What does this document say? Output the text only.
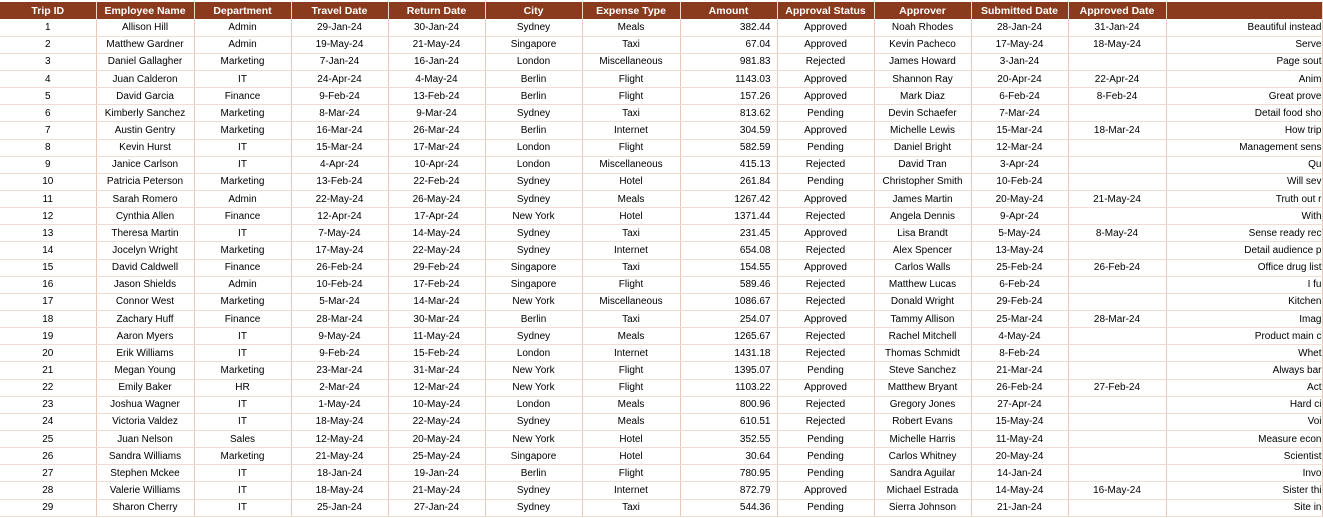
Trip ID	Employee Name	Department	Travel Date	Return Date	City	Expense Type	Amount	Approval Status	Approver	Submitted Date	Approved Date	
1	Allison Hill	Admin	29-Jan-24	30-Jan-24	Sydney	Meals	382.44	Approved	Noah Rhodes	28-Jan-24	31-Jan-24	Beautiful instead
2	Matthew Gardner	Admin	19-May-24	21-May-24	Singapore	Taxi	67.04	Approved	Kevin Pacheco	17-May-24	18-May-24	Serve
3	Daniel Gallagher	Marketing	7-Jan-24	16-Jan-24	London	Miscellaneous	981.83	Rejected	James Howard	3-Jan-24		Page sout
4	Juan Calderon	IT	24-Apr-24	4-May-24	Berlin	Flight	1143.03	Approved	Shannon Ray	20-Apr-24	22-Apr-24	Anim
5	David Garcia	Finance	9-Feb-24	13-Feb-24	Berlin	Flight	157.26	Approved	Mark Diaz	6-Feb-24	8-Feb-24	Great prove
6	Kimberly Sanchez	Marketing	8-Mar-24	9-Mar-24	Sydney	Taxi	813.62	Pending	Devin Schaefer	7-Mar-24		Detail food sho
7	Austin Gentry	Marketing	16-Mar-24	26-Mar-24	Berlin	Internet	304.59	Approved	Michelle Lewis	15-Mar-24	18-Mar-24	How trip
8	Kevin Hurst	IT	15-Mar-24	17-Mar-24	London	Flight	582.59	Pending	Daniel Bright	12-Mar-24		Management sens
9	Janice Carlson	IT	4-Apr-24	10-Apr-24	London	Miscellaneous	415.13	Rejected	David Tran	3-Apr-24		Qu
10	Patricia Peterson	Marketing	13-Feb-24	22-Feb-24	Sydney	Hotel	261.84	Pending	Christopher Smith	10-Feb-24		Will sev
11	Sarah Romero	Admin	22-May-24	26-May-24	Sydney	Meals	1267.42	Approved	James Martin	20-May-24	21-May-24	Truth out r
12	Cynthia Allen	Finance	12-Apr-24	17-Apr-24	New York	Hotel	1371.44	Rejected	Angela Dennis	9-Apr-24		With
13	Theresa Martin	IT	7-May-24	14-May-24	Sydney	Taxi	231.45	Approved	Lisa Brandt	5-May-24	8-May-24	Sense ready rec
14	Jocelyn Wright	Marketing	17-May-24	22-May-24	Sydney	Internet	654.08	Rejected	Alex Spencer	13-May-24		Detail audience p
15	David Caldwell	Finance	26-Feb-24	29-Feb-24	Singapore	Taxi	154.55	Approved	Carlos Walls	25-Feb-24	26-Feb-24	Office drug list
16	Jason Shields	Admin	10-Feb-24	17-Feb-24	Singapore	Flight	589.46	Rejected	Matthew Lucas	6-Feb-24		I fu
17	Connor West	Marketing	5-Mar-24	14-Mar-24	New York	Miscellaneous	1086.67	Rejected	Donald Wright	29-Feb-24		Kitchen
18	Zachary Huff	Finance	28-Mar-24	30-Mar-24	Berlin	Taxi	254.07	Approved	Tammy Allison	25-Mar-24	28-Mar-24	Imag
19	Aaron Myers	IT	9-May-24	11-May-24	Sydney	Meals	1265.67	Rejected	Rachel Mitchell	4-May-24		Product main c
20	Erik Williams	IT	9-Feb-24	15-Feb-24	London	Internet	1431.18	Rejected	Thomas Schmidt	8-Feb-24		Whet
21	Megan Young	Marketing	23-Mar-24	31-Mar-24	New York	Flight	1395.07	Pending	Steve Sanchez	21-Mar-24		Always bar
22	Emily Baker	HR	2-Mar-24	12-Mar-24	New York	Flight	1103.22	Approved	Matthew Bryant	26-Feb-24	27-Feb-24	Act
23	Joshua Wagner	IT	1-May-24	10-May-24	London	Meals	800.96	Rejected	Gregory Jones	27-Apr-24		Hard ci
24	Victoria Valdez	IT	18-May-24	22-May-24	Sydney	Meals	610.51	Rejected	Robert Evans	15-May-24		Voi
25	Juan Nelson	Sales	12-May-24	20-May-24	New York	Hotel	352.55	Pending	Michelle Harris	11-May-24		Measure econ
26	Sandra Williams	Marketing	21-May-24	25-May-24	Singapore	Hotel	30.64	Pending	Carlos Whitney	20-May-24		Scientist
27	Stephen Mckee	IT	18-Jan-24	19-Jan-24	Berlin	Flight	780.95	Pending	Sandra Aguilar	14-Jan-24		Invo
28	Valerie Williams	IT	18-May-24	21-May-24	Sydney	Internet	872.79	Approved	Michael Estrada	14-May-24	16-May-24	Sister thi
29	Sharon Cherry	IT	25-Jan-24	27-Jan-24	Sydney	Taxi	544.36	Pending	Sierra Johnson	21-Jan-24		Site in
